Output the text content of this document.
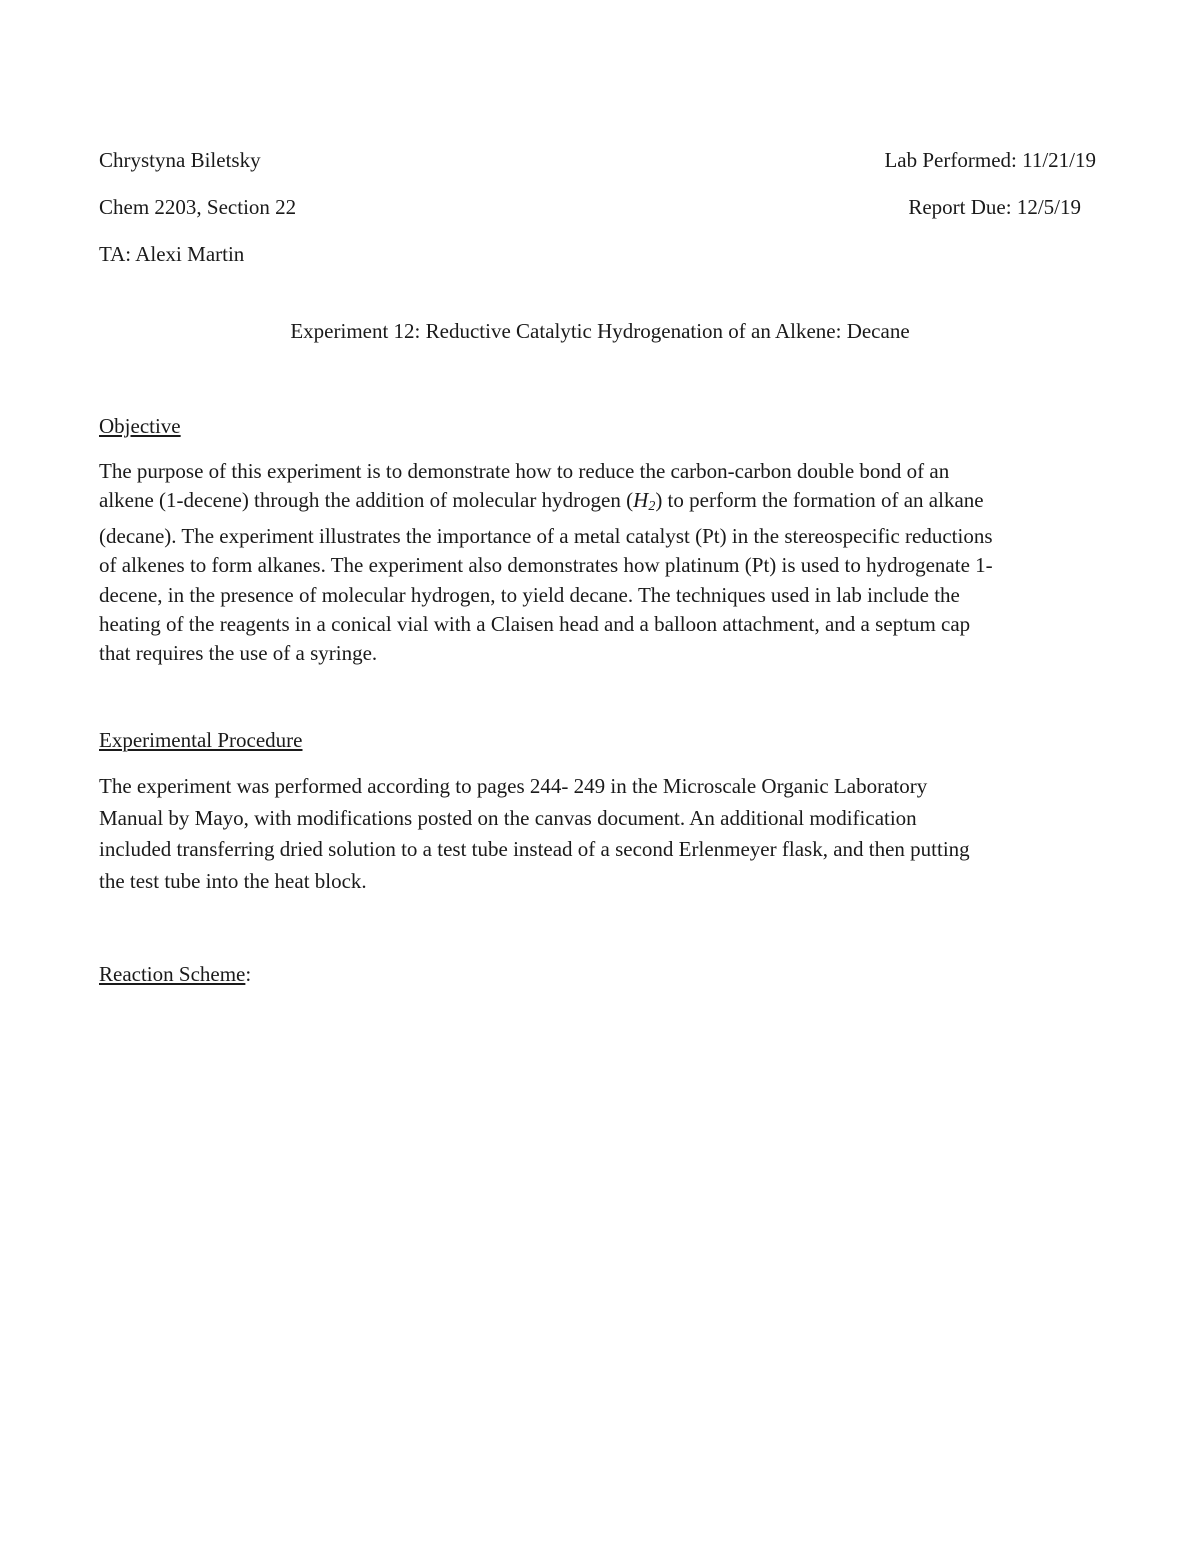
Chrystyna Biletsky	Lab Performed: 11/21/19
Chem 2203, Section 22	Report Due: 12/5/19
TA: Alexi Martin
Experiment 12: Reductive Catalytic Hydrogenation of an Alkene: Decane
Objective
The purpose of this experiment is to demonstrate how to reduce the carbon-carbon double bond of an
alkene (1-decene) through the addition of molecular hydrogen $(H_2)$ to perform the formation of an alkane
(decane). The experiment illustrates the importance of a metal catalyst (Pt) in the stereospecific reductions
of alkenes to form alkanes. The experiment also demonstrates how platinum (Pt) is used to hydrogenate 1-
decene, in the presence of molecular hydrogen, to yield decane. The techniques used in lab include the
heating of the reagents in a conical vial with a Claisen head and a balloon attachment, and a septum cap
that requires the use of a syringe.
Experimental Procedure
The experiment was performed according to pages 244- 249 in the Microscale Organic Laboratory
Manual by Mayo, with modifications posted on the canvas document. An additional modification
included transferring dried solution to a test tube instead of a second Erlenmeyer flask, and then putting
the test tube into the heat block.
Reaction Scheme:
